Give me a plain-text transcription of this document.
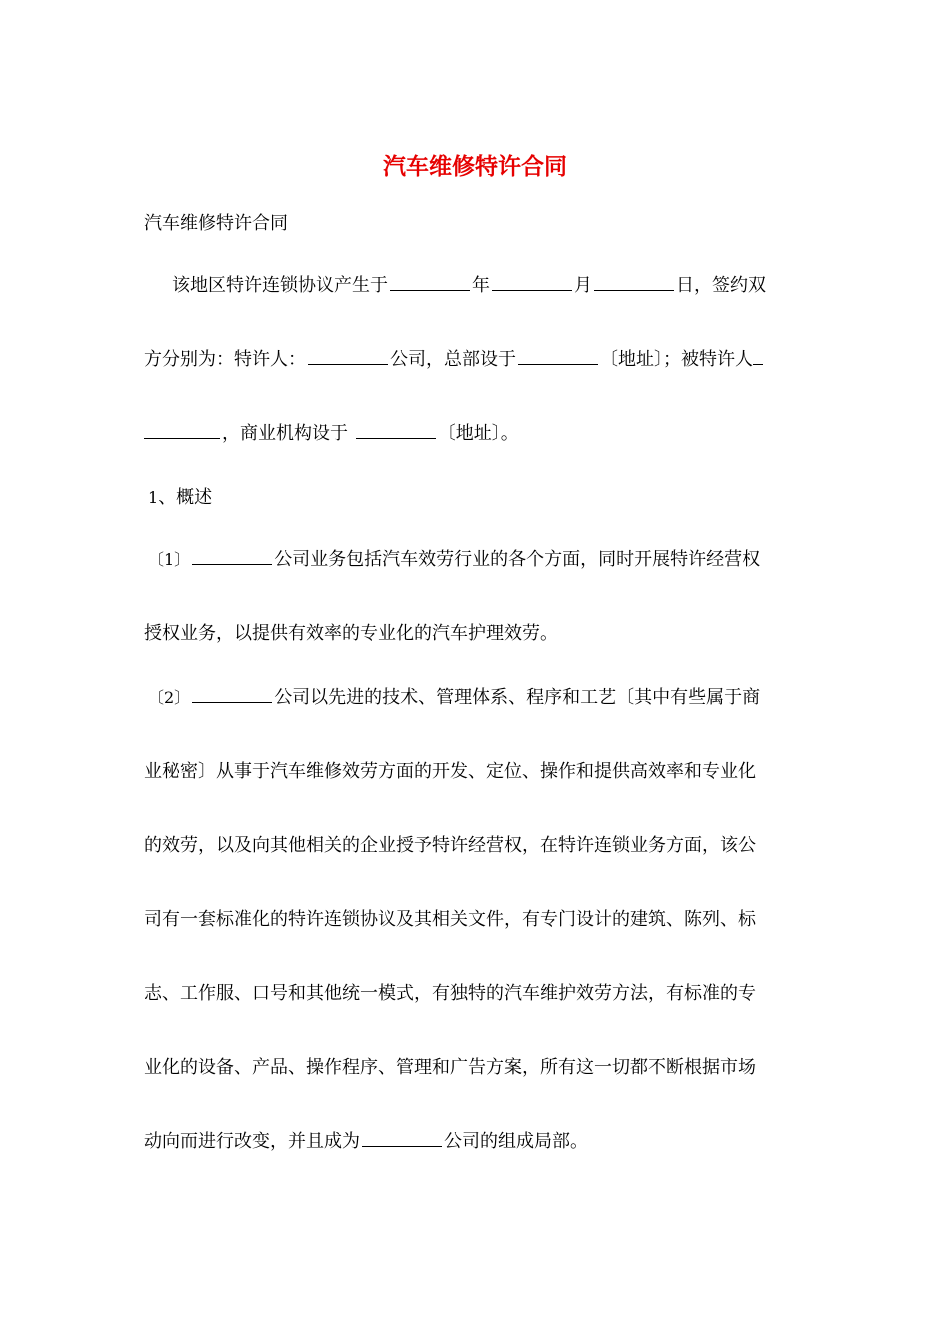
汽车维修特许合同
汽车维修特许合同
该地区特许连锁协议产生于	年	月	日，签约双
方分别为：特许人：	公司，总部设于	〔地址〕；被特许人
，商业机构设于	〔地址〕。
1、概述
〔1〕	公司业务包括汽车效劳行业的各个方面，同时开展特许经营权
授权业务，以提供有效率的专业化的汽车护理效劳。
〔2〕	公司以先进的技术、管理体系、程序和工艺〔其中有些属于商
业秘密〕从事于汽车维修效劳方面的开发、定位、操作和提供高效率和专业化
的效劳，以及向其他相关的企业授予特许经营权，在特许连锁业务方面，该公
司有一套标准化的特许连锁协议及其相关文件，有专门设计的建筑、陈列、标
志、工作服、口号和其他统一模式，有独特的汽车维护效劳方法，有标准的专
业化的设备、产品、操作程序、管理和广告方案，所有这一切都不断根据市场
动向而进行改变，并且成为	公司的组成局部。
